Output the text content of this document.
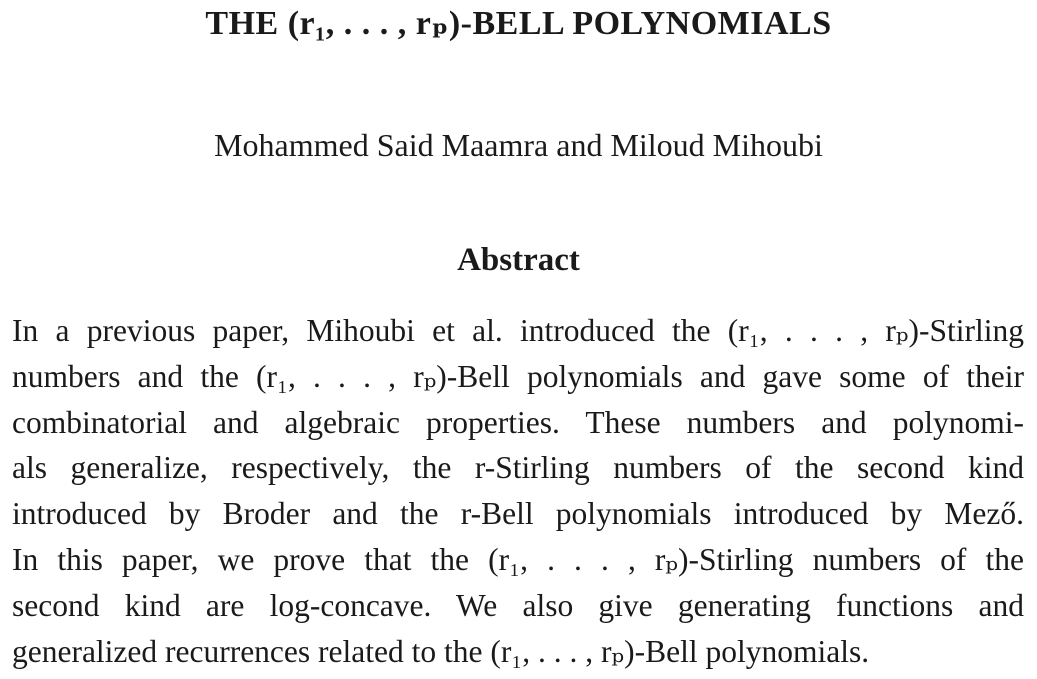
THE (r₁, . . . , rₚ)-BELL POLYNOMIALS
Mohammed Said Maamra and Miloud Mihoubi
Abstract
In a previous paper, Mihoubi et al. introduced the (r₁, . . . , rₚ)-Stirling
numbers and the (r₁, . . . , rₚ)-Bell polynomials and gave some of their
combinatorial and algebraic properties. These numbers and polynomi-
als generalize, respectively, the r-Stirling numbers of the second kind
introduced by Broder and the r-Bell polynomials introduced by Mező.
In this paper, we prove that the (r₁, . . . , rₚ)-Stirling numbers of the
second kind are log-concave. We also give generating functions and
generalized recurrences related to the (r₁, . . . , rₚ)-Bell polynomials.
